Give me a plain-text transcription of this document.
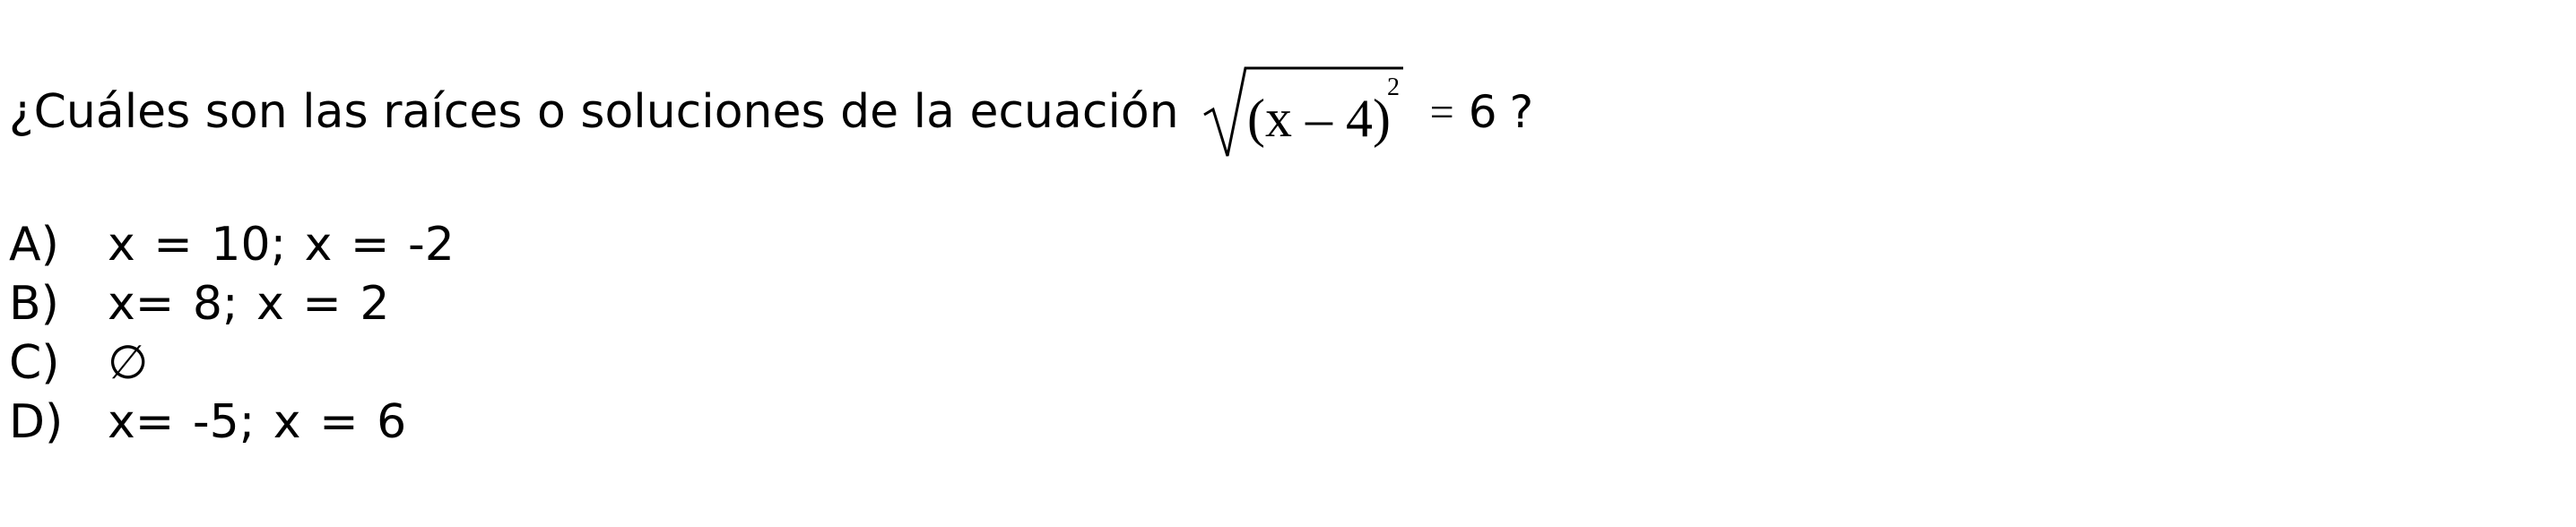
¿Cuáles son las raíces o soluciones de la ecuación (x – 4)
2
= 6 ?
A)	x = 10; x = -2
B)	x= 8; x = 2
C)	∅
D) x= -5; x = 6
